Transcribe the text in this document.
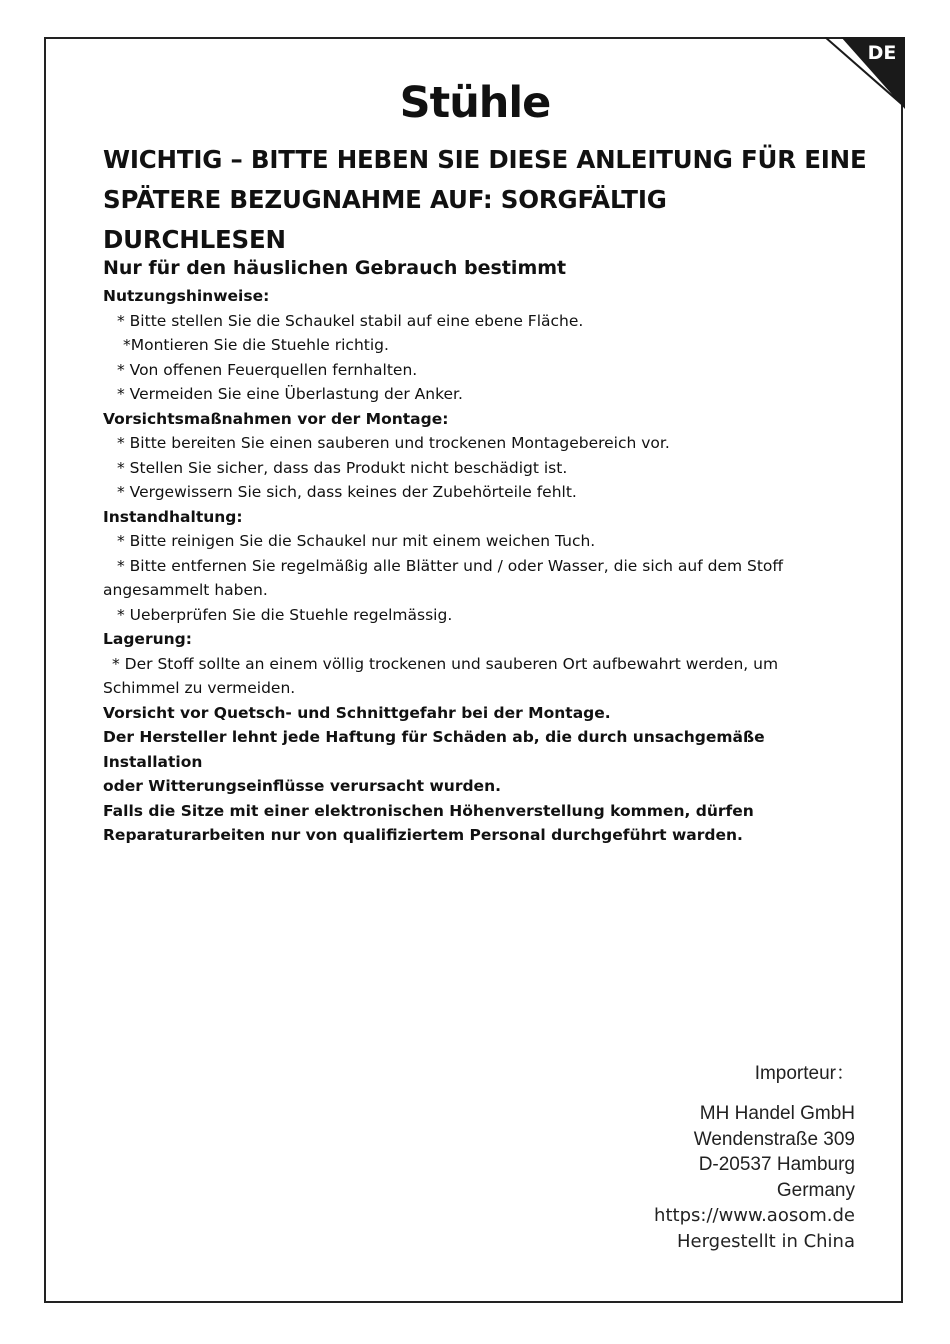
DE
Stühle
WICHTIG – BITTE HEBEN SIE DIESE ANLEITUNG FÜR EINE
SPÄTERE BEZUGNAHME AUF: SORGFÄLTIG
DURCHLESEN
Nur für den häuslichen Gebrauch bestimmt
Nutzungshinweise:
* Bitte stellen Sie die Schaukel stabil auf eine ebene Fläche.
*Montieren Sie die Stuehle richtig.
* Von offenen Feuerquellen fernhalten.
* Vermeiden Sie eine Überlastung der Anker.
Vorsichtsmaßnahmen vor der Montage:
* Bitte bereiten Sie einen sauberen und trockenen Montagebereich vor.
* Stellen Sie sicher, dass das Produkt nicht beschädigt ist.
* Vergewissern Sie sich, dass keines der Zubehörteile fehlt.
Instandhaltung:
* Bitte reinigen Sie die Schaukel nur mit einem weichen Tuch.
* Bitte entfernen Sie regelmäßig alle Blätter und / oder Wasser, die sich auf dem Stoff
angesammelt haben.
* Ueberprüfen Sie die Stuehle regelmässig.
Lagerung:
* Der Stoff sollte an einem völlig trockenen und sauberen Ort aufbewahrt werden, um
Schimmel zu vermeiden.
Vorsicht vor Quetsch- und Schnittgefahr bei der Montage.
Der Hersteller lehnt jede Haftung für Schäden ab, die durch unsachgemäße Installation
oder Witterungseinflüsse verursacht wurden.
Falls die Sitze mit einer elektronischen Höhenverstellung kommen, dürfen
Reparaturarbeiten nur von qualifiziertem Personal durchgeführt warden.
Importeur：
MH Handel GmbH
Wendenstraße 309
D-20537 Hamburg
Germany
https://www.aosom.de
Hergestellt in China
